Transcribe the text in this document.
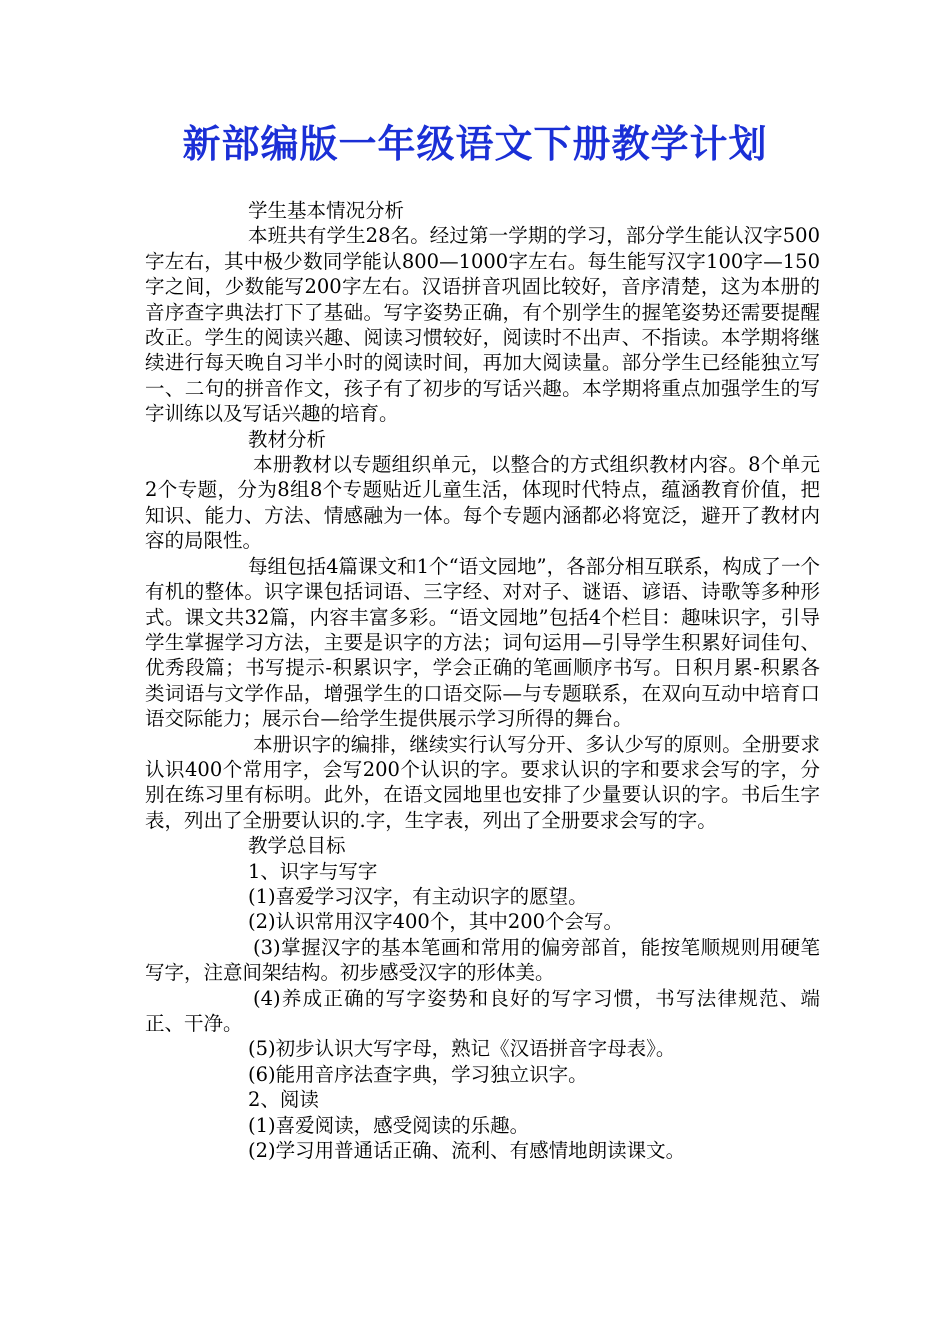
新部编版一年级语文下册教学计划

学生基本情况分析

本班共有学生28名。经过第一学期的学习，部分学生能认汉字500字左右，其中极少数同学能认800—1000字左右。每生能写汉字100字—150字之间，少数能写200字左右。汉语拼音巩固比较好，音序清楚，这为本册的音序查字典法打下了基础。写字姿势正确，有个别学生的握笔姿势还需要提醒改正。学生的阅读兴趣、阅读习惯较好，阅读时不出声、不指读。本学期将继续进行每天晚自习半小时的阅读时间，再加大阅读量。部分学生已经能独立写一、二句的拼音作文，孩子有了初步的写话兴趣。本学期将重点加强学生的写字训练以及写话兴趣的培育。

教材分析

本册教材以专题组织单元，以整合的方式组织教材内容。8个单元2个专题，分为8组8个专题贴近儿童生活，体现时代特点，蕴涵教育价值，把知识、能力、方法、情感融为一体。每个专题内涵都必将宽泛，避开了教材内容的局限性。

每组包括4篇课文和1个“语文园地”，各部分相互联系，构成了一个有机的整体。识字课包括词语、三字经、对对子、谜语、谚语、诗歌等多种形式。课文共32篇，内容丰富多彩。“语文园地”包括4个栏目：趣味识字，引导学生掌握学习方法，主要是识字的方法；词句运用—引导学生积累好词佳句、优秀段篇；书写提示-积累识字，学会正确的笔画顺序书写。日积月累-积累各类词语与文学作品，增强学生的口语交际—与专题联系，在双向互动中培育口语交际能力；展示台—给学生提供展示学习所得的舞台。

本册识字的编排，继续实行认写分开、多认少写的原则。全册要求认识400个常用字，会写200个认识的字。要求认识的字和要求会写的字，分别在练习里有标明。此外，在语文园地里也安排了少量要认识的字。书后生字表，列出了全册要认识的.字，生字表，列出了全册要求会写的字。

教学总目标

1、识字与写字

(1)喜爱学习汉字，有主动识字的愿望。

(2)认识常用汉字400个，其中200个会写。

(3)掌握汉字的基本笔画和常用的偏旁部首，能按笔顺规则用硬笔写字，注意间架结构。初步感受汉字的形体美。

(4)养成正确的写字姿势和良好的写字习惯，书写法律规范、端正、干净。

(5)初步认识大写字母，熟记《汉语拼音字母表》。

(6)能用音序法查字典，学习独立识字。

2、阅读

(1)喜爱阅读，感受阅读的乐趣。

(2)学习用普通话正确、流利、有感情地朗读课文。
